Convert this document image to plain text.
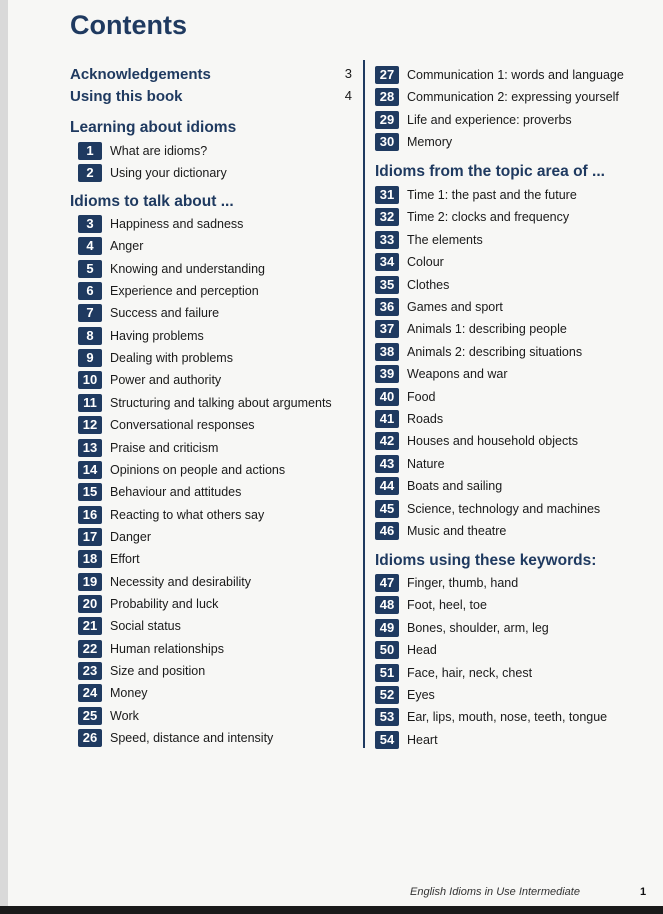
Contents
Acknowledgements	3
Using this book	4
Learning about idioms
1	What are idioms?
2	Using your dictionary
Idioms to talk about ...
3	Happiness and sadness
4	Anger
5	Knowing and understanding
6	Experience and perception
7	Success and failure
8	Having problems
9	Dealing with problems
10	Power and authority
11	Structuring and talking about arguments
12	Conversational responses
13	Praise and criticism
14	Opinions on people and actions
15	Behaviour and attitudes
16	Reacting to what others say
17	Danger
18	Effort
19	Necessity and desirability
20	Probability and luck
21	Social status
22	Human relationships
23	Size and position
24	Money
25	Work
26	Speed, distance and intensity
27	Communication 1: words and language
28	Communication 2: expressing yourself
29	Life and experience: proverbs
30	Memory
Idioms from the topic area of ...
31	Time 1: the past and the future
32	Time 2: clocks and frequency
33	The elements
34	Colour
35	Clothes
36	Games and sport
37	Animals 1: describing people
38	Animals 2: describing situations
39	Weapons and war
40	Food
41	Roads
42	Houses and household objects
43	Nature
44	Boats and sailing
45	Science, technology and machines
46	Music and theatre
Idioms using these keywords:
47	Finger, thumb, hand
48	Foot, heel, toe
49	Bones, shoulder, arm, leg
50	Head
51	Face, hair, neck, chest
52	Eyes
53	Ear, lips, mouth, nose, teeth, tongue
54	Heart
English Idioms in Use Intermediate	1
